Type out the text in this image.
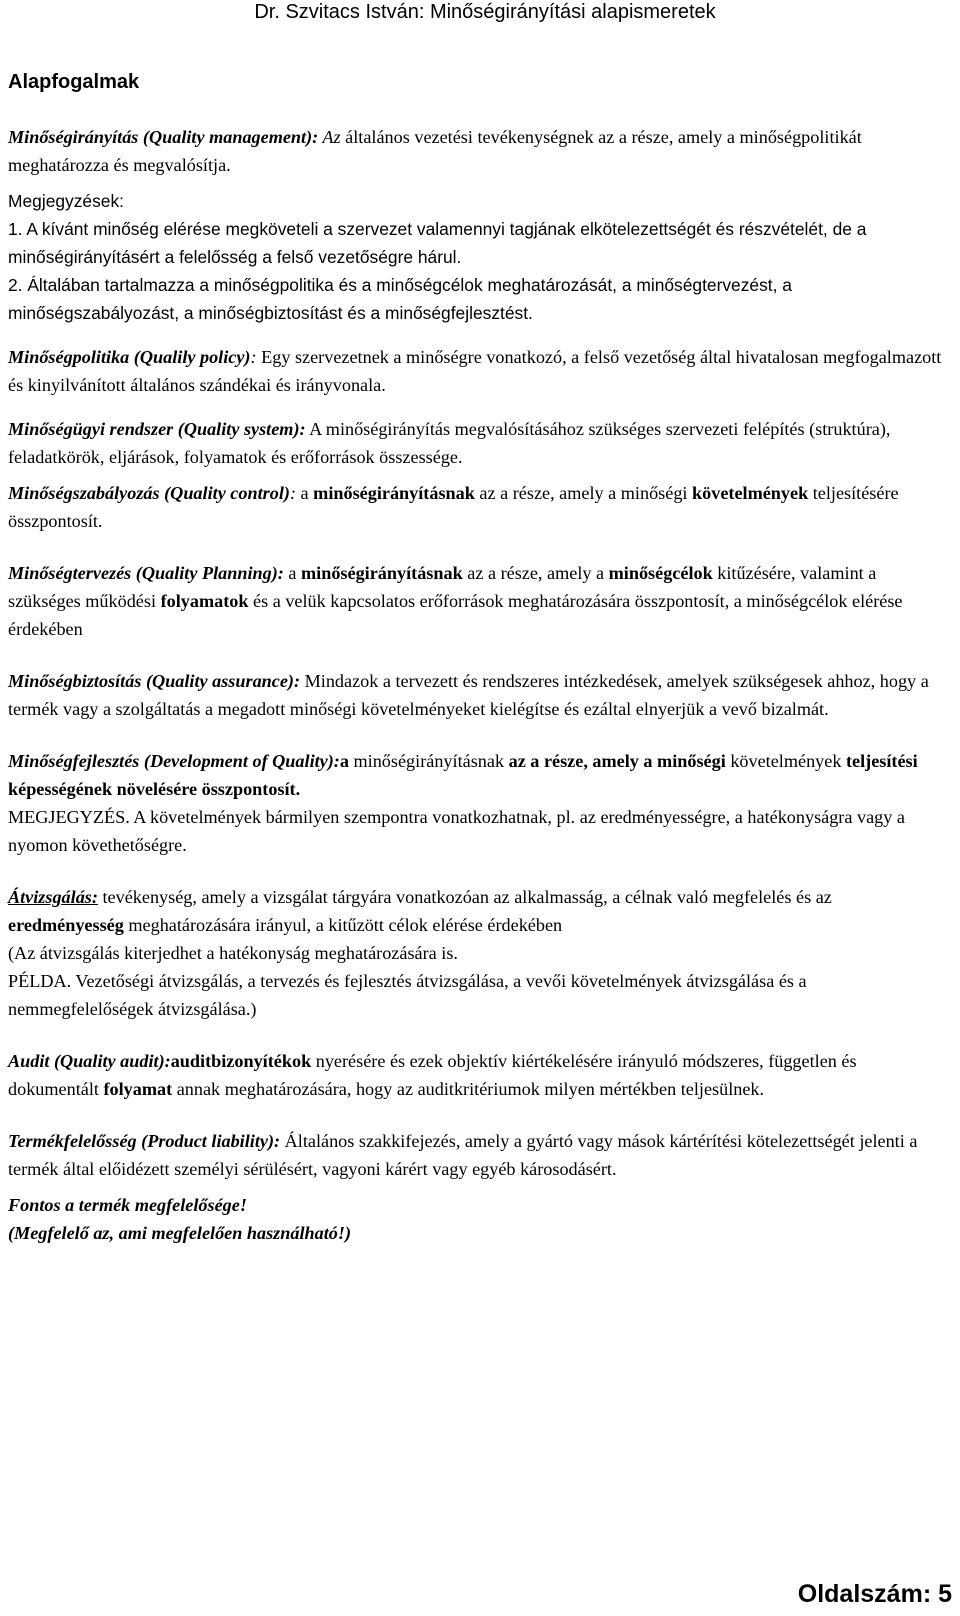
Dr. Szvitacs István: Minőségirányítási alapismeretek
Alapfogalmak

Minőségirányítás (Quality management): Az általános vezetési tevékenységnek az a része, amely a minőségpolitikát meghatározza és megvalósítja.

Megjegyzések:

1. A kívánt minőség elérése megköveteli a szervezet valamennyi tagjának elkötelezettségét és részvételét, de a minőségirányításért a felelősség a felső vezetőségre hárul.

2. Általában tartalmazza a minőségpolitika és a minőségcélok meghatározását, a minőségtervezést, a minőségszabályozást, a minőségbiztosítást és a minőségfejlesztést.

Minőségpolitika (Qualily policy): Egy szervezetnek a minőségre vonatkozó, a felső vezetőség által hivatalosan megfogalmazott és kinyilvánított általános szándékai és irányvonala.

Minőségügyi rendszer (Quality system): A minőségirányítás megvalósításához szükséges szervezeti felépítés (struktúra), feladatkörök, eljárások, folyamatok és erőforrások összessége.

Minőségszabályozás (Quality control): a minőségirányításnak az a része, amely a minőségi követelmények teljesítésére összpontosít.

Minőségtervezés (Quality Planning): a minőségirányításnak az a része, amely a minőségcélok kitűzésére, valamint a szükséges működési folyamatok és a velük kapcsolatos erőforrások meghatározására összpontosít, a minőségcélok elérése érdekében

Minőségbiztosítás (Quality assurance): Mindazok a tervezett és rendszeres intézkedések, amelyek szükségesek ahhoz, hogy a termék vagy a szolgáltatás a megadott minőségi követelményeket kielégítse és ezáltal elnyerjük a vevő bizalmát.

Minőségfejlesztés (Development of Quality):a minőségirányításnak az a része, amely a minőségi követelmények teljesítési képességének növelésére összpontosít.

MEGJEGYZÉS. A követelmények bármilyen szempontra vonatkozhatnak, pl. az eredményességre, a hatékonyságra vagy a nyomon követhetőségre.

Átvizsgálás: tevékenység, amely a vizsgálat tárgyára vonatkozóan az alkalmasság, a célnak való megfelelés és az eredményesség meghatározására irányul, a kitűzött célok elérése érdekében

(Az átvizsgálás kiterjedhet a hatékonyság meghatározására is.

PÉLDA. Vezetőségi átvizsgálás, a tervezés és fejlesztés átvizsgálása, a vevői követelmények átvizsgálása és a nemmegfelelőségek átvizsgálása.)

Audit (Quality audit):auditbizonyítékok nyerésére és ezek objektív kiértékelésére irányuló módszeres, független és dokumentált folyamat annak meghatározására, hogy az auditkritériumok milyen mértékben teljesülnek.

Termékfelelősség (Product liability): Általános szakkifejezés, amely a gyártó vagy mások kártérítési kötelezettségét jelenti a termék által előidézett személyi sérülésért, vagyoni kárért vagy egyéb károsodásért.

Fontos a termék megfelelősége!

(Megfelelő az, ami megfelelően használható!)

Oldalszám: 5
